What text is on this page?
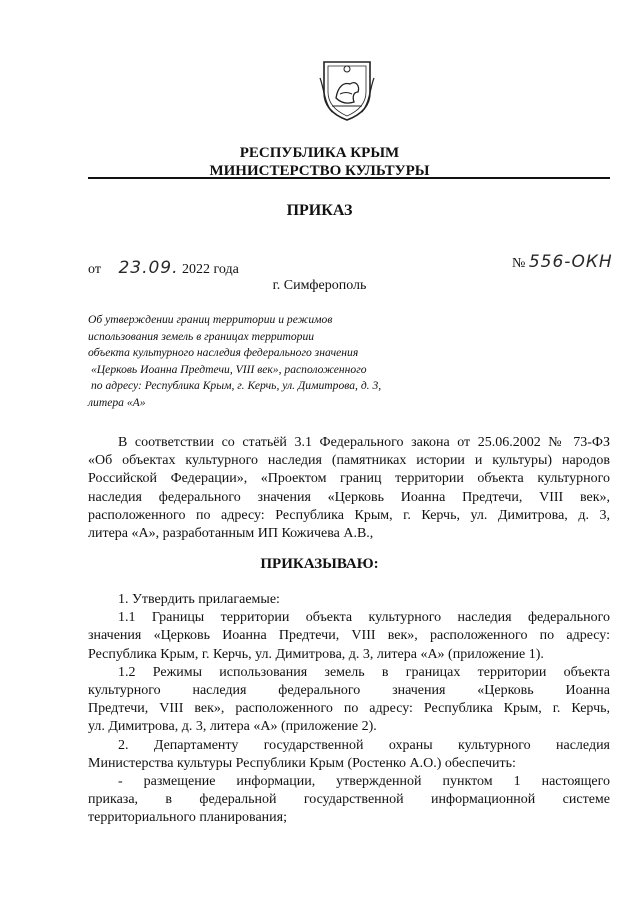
РЕСПУБЛИКА КРЫМ
МИНИСТЕРСТВО КУЛЬТУРЫ
ПРИКАЗ
от 23.09. 2022 года	№ 556-ОКН
г. Симферополь
Об утверждении границ территории и режимов
использования земель в границах территории
объекта культурного наследия федерального значения
«Церковь Иоанна Предтечи, VIII век», расположенного
по адресу: Республика Крым, г. Керчь, ул. Димитрова, д. 3,
литера «А»
В соответствии со статьёй 3.1 Федерального закона от 25.06.2002 № 73-ФЗ
«Об объектах культурного наследия (памятниках истории и культуры) народов
Российской Федерации», «Проектом границ территории объекта культурного
наследия федерального значения «Церковь Иоанна Предтечи, VIII век»,
расположенного по адресу: Республика Крым, г. Керчь, ул. Димитрова, д. 3,
литера «А», разработанным ИП Кожичева А.В.,
ПРИКАЗЫВАЮ:
1. Утвердить прилагаемые:
1.1 Границы территории объекта культурного наследия федерального
значения «Церковь Иоанна Предтечи, VIII век», расположенного по адресу:
Республика Крым, г. Керчь, ул. Димитрова, д. 3, литера «А» (приложение 1).
1.2 Режимы использования земель в границах территории объекта
культурного наследия федерального значения «Церковь Иоанна
Предтечи, VIII век», расположенного по адресу: Республика Крым, г. Керчь,
ул. Димитрова, д. 3, литера «А» (приложение 2).
2. Департаменту государственной охраны культурного наследия
Министерства культуры Республики Крым (Ростенко А.О.) обеспечить:
- размещение информации, утвержденной пунктом 1 настоящего
приказа, в федеральной государственной информационной системе
территориального планирования;
